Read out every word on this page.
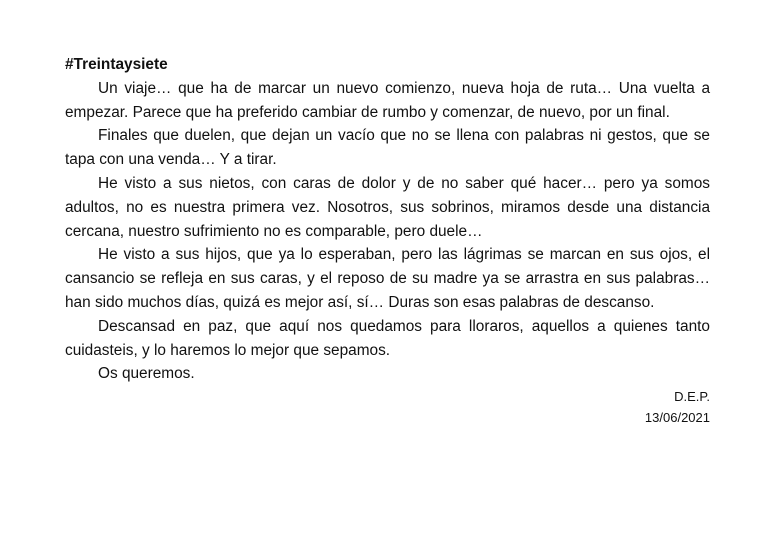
#Treintaysiete

Un viaje… que ha de marcar un nuevo comienzo, nueva hoja de ruta… Una vuelta a empezar. Parece que ha preferido cambiar de rumbo y comenzar, de nuevo, por un final.

Finales que duelen, que dejan un vacío que no se llena con palabras ni gestos, que se tapa con una venda… Y a tirar.

He visto a sus nietos, con caras de dolor y de no saber qué hacer… pero ya somos adultos, no es nuestra primera vez. Nosotros, sus sobrinos, miramos desde una distancia cercana, nuestro sufrimiento no es comparable, pero duele…

He visto a sus hijos, que ya lo esperaban, pero las lágrimas se marcan en sus ojos, el cansancio se refleja en sus caras, y el reposo de su madre ya se arrastra en sus palabras… han sido muchos días, quizá es mejor así, sí… Duras son esas palabras de descanso.

Descansad en paz, que aquí nos quedamos para lloraros, aquellos a quienes tanto cuidasteis, y lo haremos lo mejor que sepamos.

Os queremos.

D.E.P.

13/06/2021
